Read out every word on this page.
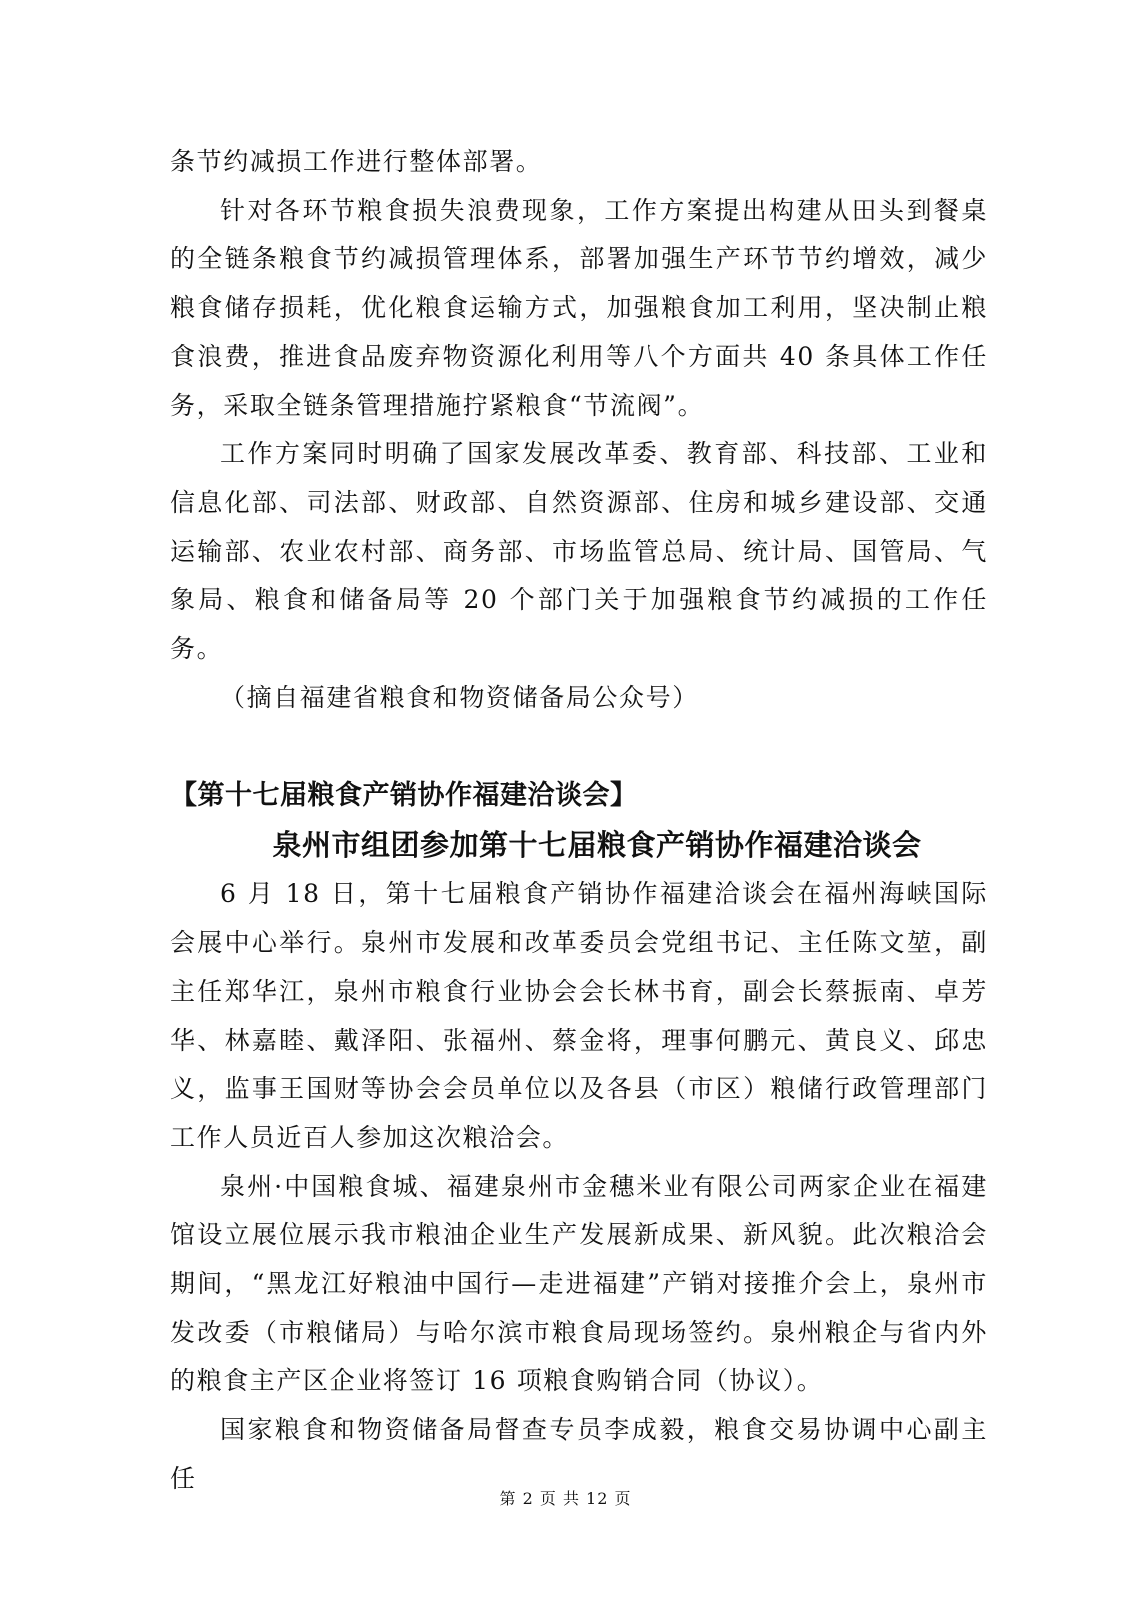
条节约减损工作进行整体部署。

针对各环节粮食损失浪费现象，工作方案提出构建从田头到餐桌的全链条粮食节约减损管理体系，部署加强生产环节节约增效，减少粮食储存损耗，优化粮食运输方式，加强粮食加工利用，坚决制止粮食浪费，推进食品废弃物资源化利用等八个方面共 40 条具体工作任务，采取全链条管理措施拧紧粮食“节流阀”。

工作方案同时明确了国家发展改革委、教育部、科技部、工业和信息化部、司法部、财政部、自然资源部、住房和城乡建设部、交通运输部、农业农村部、商务部、市场监管总局、统计局、国管局、气象局、粮食和储备局等 20 个部门关于加强粮食节约减损的工作任务。

（摘自福建省粮食和物资储备局公众号）

【第十七届粮食产销协作福建洽谈会】

泉州市组团参加第十七届粮食产销协作福建洽谈会

6 月 18 日，第十七届粮食产销协作福建洽谈会在福州海峡国际会展中心举行。泉州市发展和改革委员会党组书记、主任陈文堃，副主任郑华江，泉州市粮食行业协会会长林书育，副会长蔡振南、卓芳华、林嘉睦、戴泽阳、张福州、蔡金将，理事何鹏元、黄良义、邱忠义，监事王国财等协会会员单位以及各县（市区）粮储行政管理部门工作人员近百人参加这次粮洽会。

泉州·中国粮食城、福建泉州市金穗米业有限公司两家企业在福建馆设立展位展示我市粮油企业生产发展新成果、新风貌。此次粮洽会期间，“黑龙江好粮油中国行—走进福建”产销对接推介会上，泉州市发改委（市粮储局）与哈尔滨市粮食局现场签约。泉州粮企与省内外的粮食主产区企业将签订 16 项粮食购销合同（协议）。

国家粮食和物资储备局督查专员李成毅，粮食交易协调中心副主任

第 2 页 共 12 页
